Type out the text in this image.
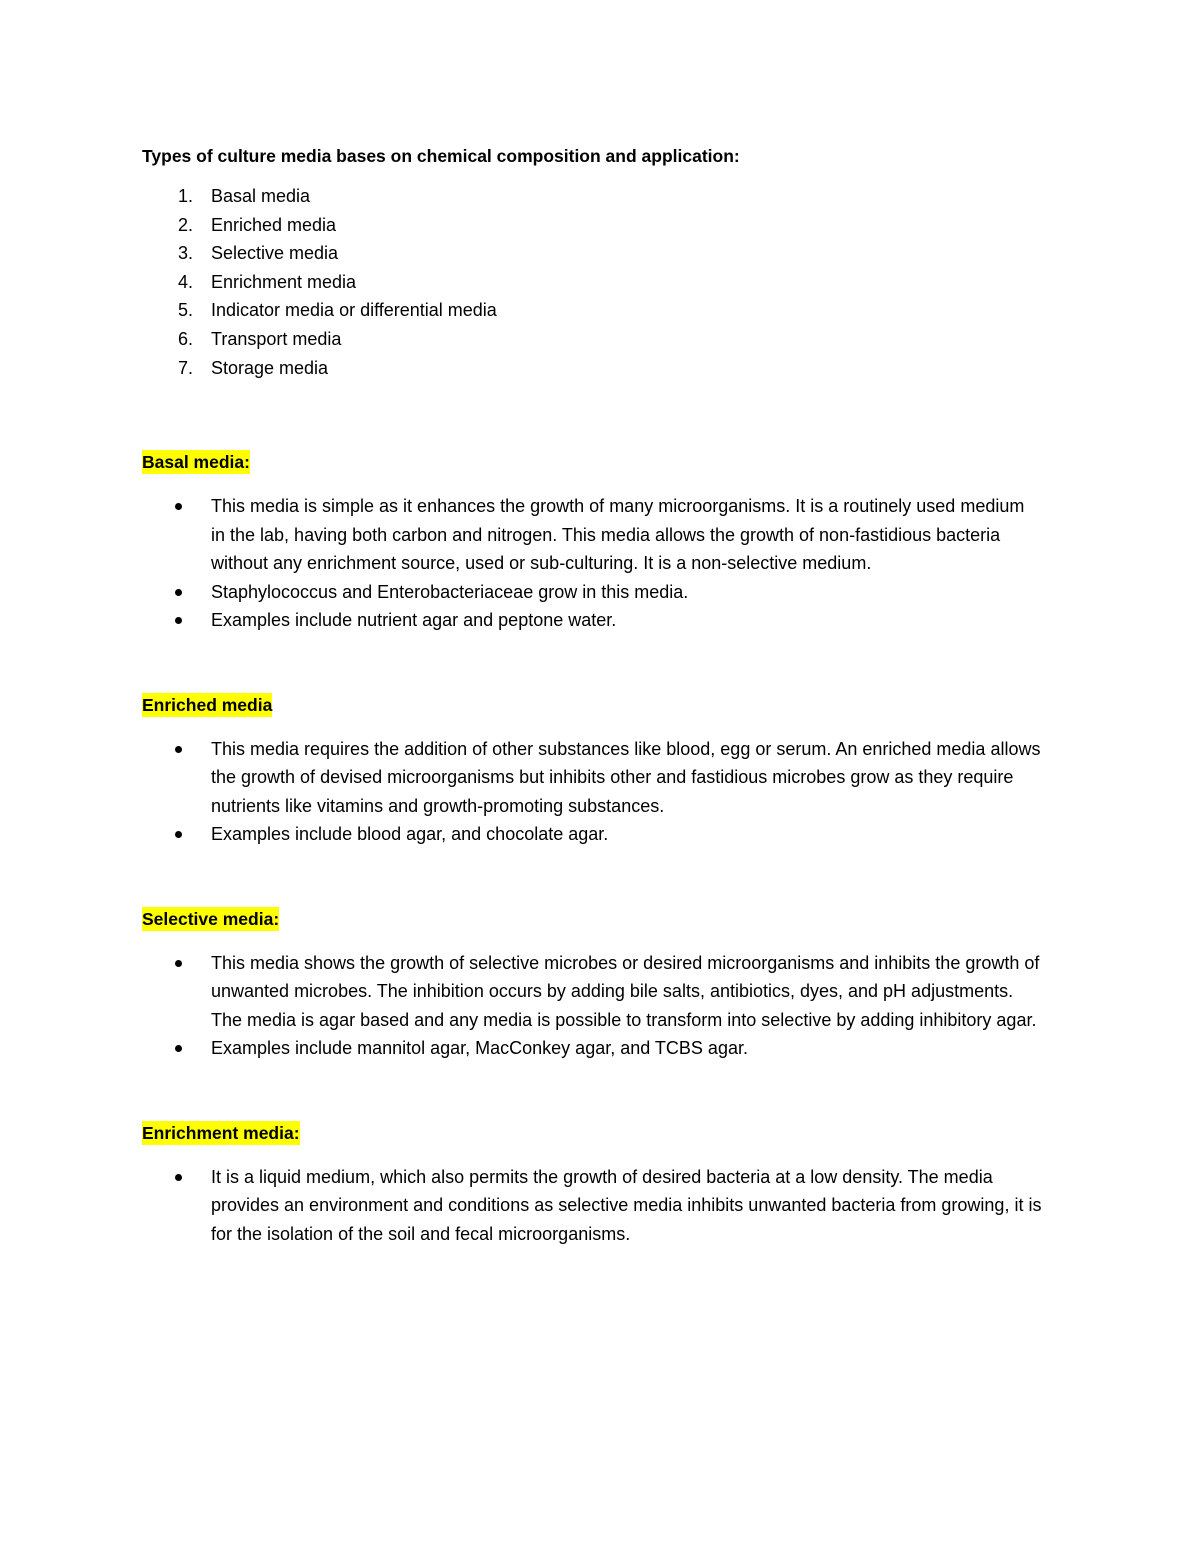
Types of culture media bases on chemical composition and application:

1. Basal media
2. Enriched media
3. Selective media
4. Enrichment media
5. Indicator media or differential media
6. Transport media
7. Storage media
Basal media:
This media is simple as it enhances the growth of many microorganisms. It is a routinely used medium in the lab, having both carbon and nitrogen. This media allows the growth of non-fastidious bacteria without any enrichment source, used or sub-culturing. It is a non-selective medium.
Staphylococcus and Enterobacteriaceae grow in this media.
Examples include nutrient agar and peptone water.
Enriched media
This media requires the addition of other substances like blood, egg or serum. An enriched media allows the growth of devised microorganisms but inhibits other and fastidious microbes grow as they require nutrients like vitamins and growth-promoting substances.
Examples include blood agar, and chocolate agar.
Selective media:
This media shows the growth of selective microbes or desired microorganisms and inhibits the growth of unwanted microbes. The inhibition occurs by adding bile salts, antibiotics, dyes, and pH adjustments. The media is agar based and any media is possible to transform into selective by adding inhibitory agar.
Examples include mannitol agar, MacConkey agar, and TCBS agar.
Enrichment media:
It is a liquid medium, which also permits the growth of desired bacteria at a low density. The media provides an environment and conditions as selective media inhibits unwanted bacteria from growing, it is for the isolation of the soil and fecal microorganisms.
